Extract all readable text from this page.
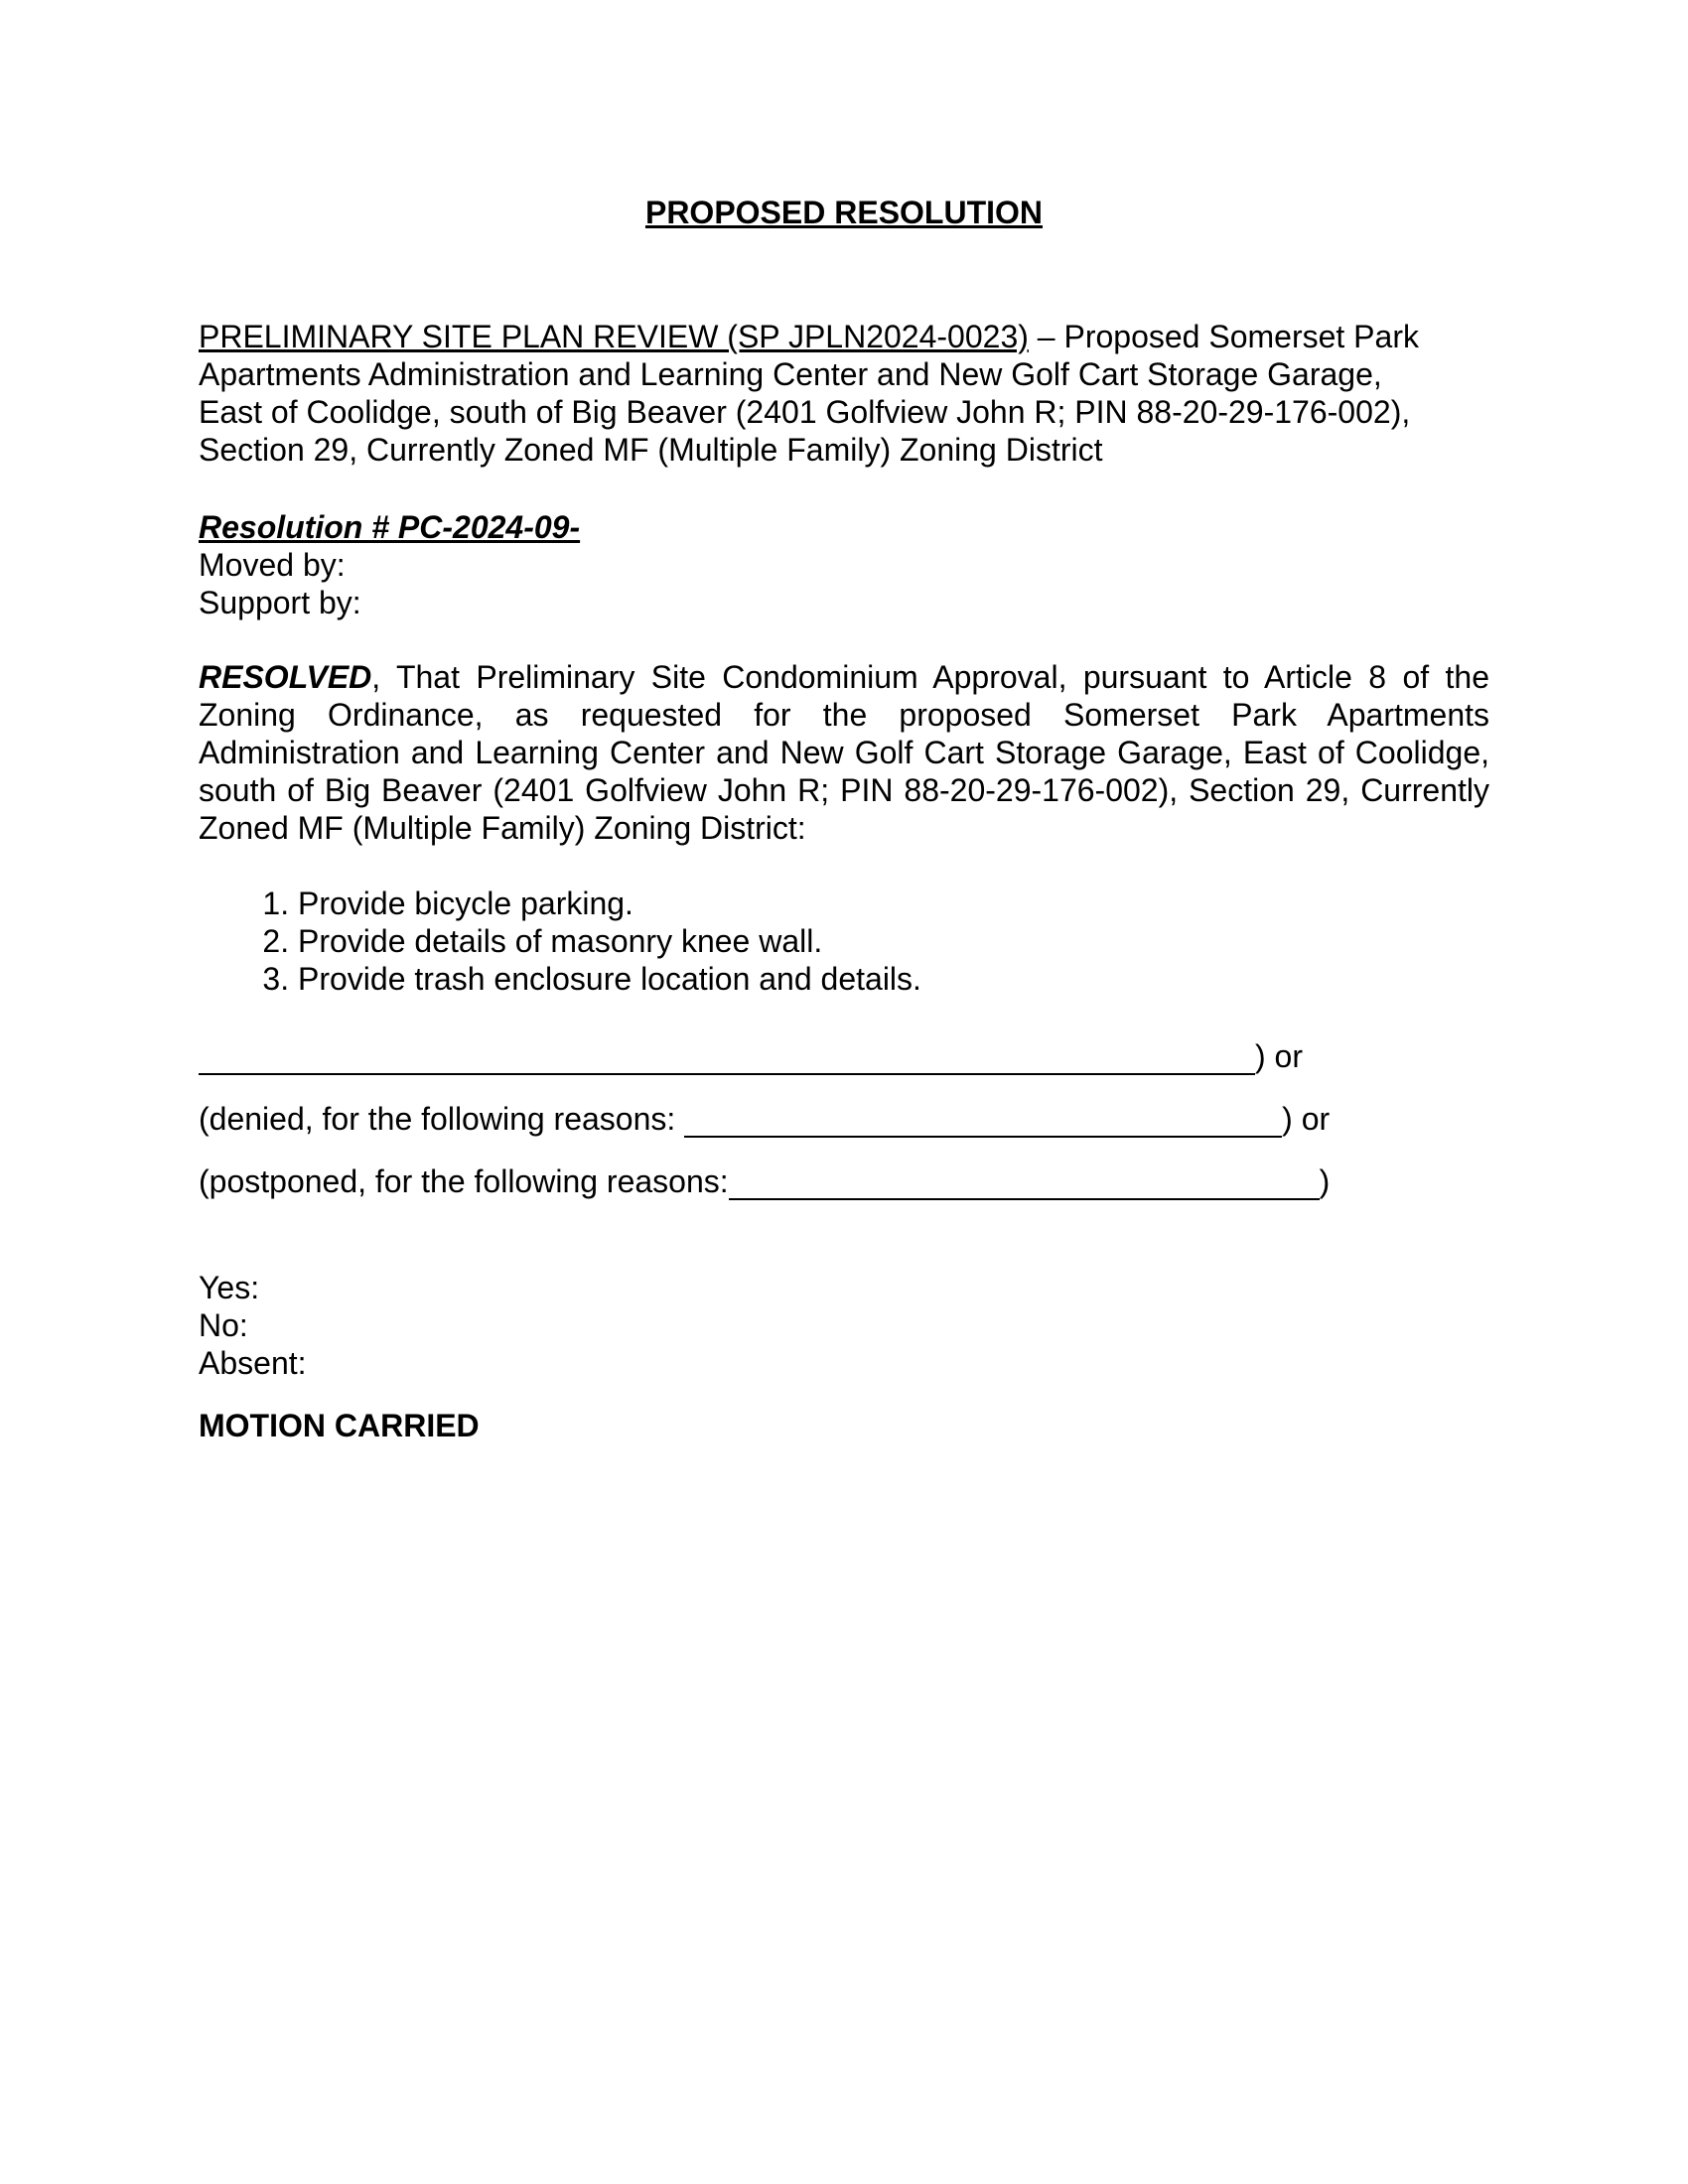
PROPOSED RESOLUTION
PRELIMINARY SITE PLAN REVIEW (SP JPLN2024-0023) – Proposed Somerset Park
Apartments Administration and Learning Center and New Golf Cart Storage Garage,
East of Coolidge, south of Big Beaver (2401 Golfview John R; PIN 88-20-29-176-002),
Section 29, Currently Zoned MF (Multiple Family) Zoning District
Resolution # PC-2024-09-
Moved by:
Support by:
RESOLVED, That Preliminary Site Condominium Approval, pursuant to Article 8 of the Zoning Ordinance, as requested for the proposed Somerset Park Apartments Administration and Learning Center and New Golf Cart Storage Garage, East of Coolidge, south of Big Beaver (2401 Golfview John R; PIN 88-20-29-176-002), Section 29, Currently Zoned MF (Multiple Family) Zoning District:
1. Provide bicycle parking.
2. Provide details of masonry knee wall.
3. Provide trash enclosure location and details.
) or
(denied, for the following reasons:	) or
(postponed, for the following reasons:	)
Yes:
No:
Absent:
MOTION CARRIED
